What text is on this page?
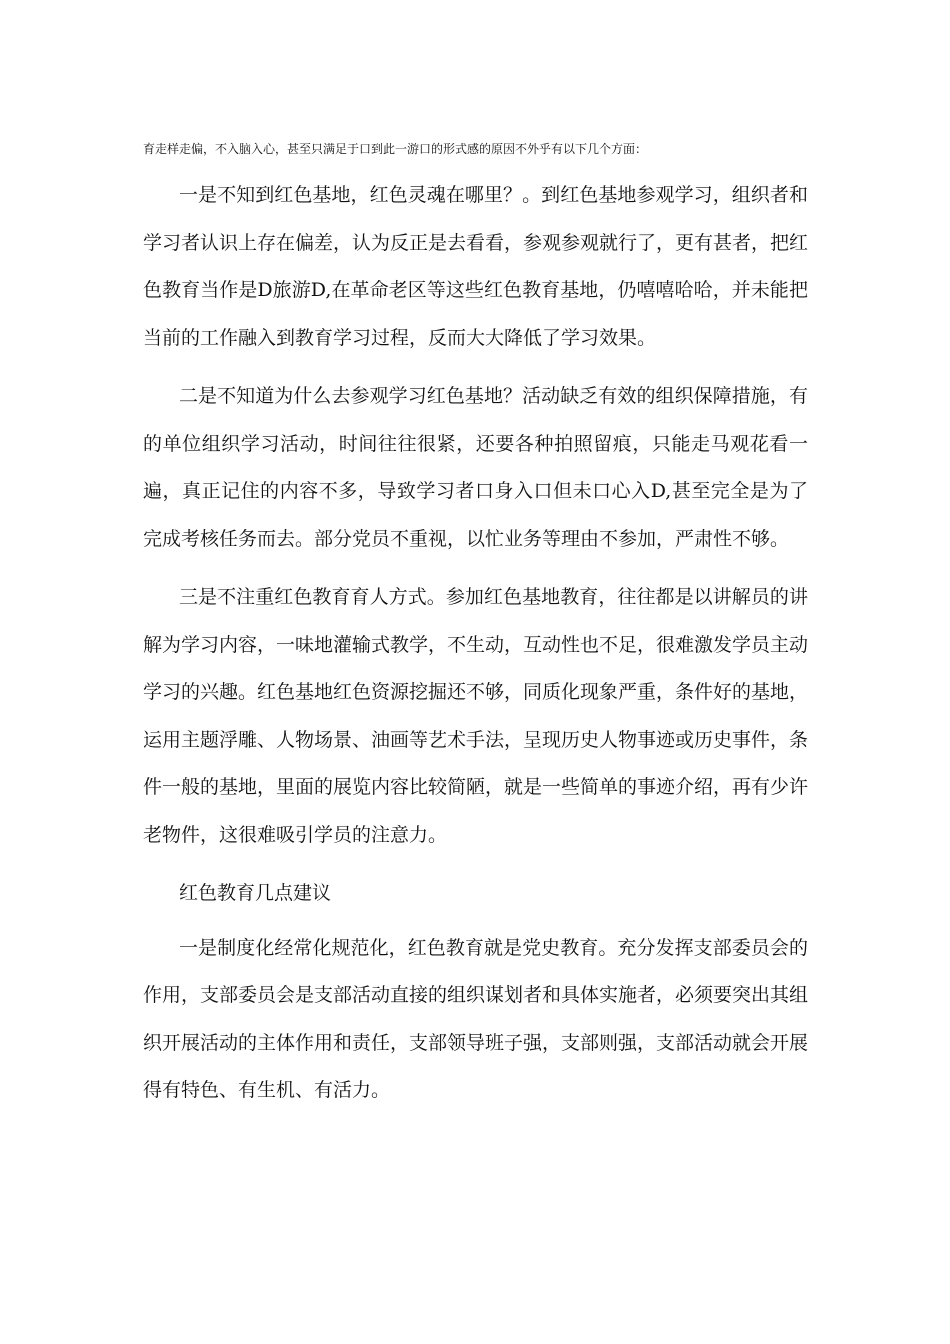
育走样走偏，不入脑入心，甚至只满足于口到此一游口的形式感的原因不外乎有以下几个方面：

一是不知到红色基地，红色灵魂在哪里？。到红色基地参观学习，组织者和学习者认识上存在偏差，认为反正是去看看，参观参观就行了，更有甚者，把红色教育当作是D旅游D,在革命老区等这些红色教育基地，仍嘻嘻哈哈，并未能把当前的工作融入到教育学习过程，反而大大降低了学习效果。

二是不知道为什么去参观学习红色基地？活动缺乏有效的组织保障措施，有的单位组织学习活动，时间往往很紧，还要各种拍照留痕，只能走马观花看一遍，真正记住的内容不多，导致学习者口身入口但未口心入D,甚至完全是为了完成考核任务而去。部分党员不重视，以忙业务等理由不参加，严肃性不够。

三是不注重红色教育育人方式。参加红色基地教育，往往都是以讲解员的讲解为学习内容，一味地灌输式教学，不生动，互动性也不足，很难激发学员主动学习的兴趣。红色基地红色资源挖掘还不够，同质化现象严重，条件好的基地，运用主题浮雕、人物场景、油画等艺术手法，呈现历史人物事迹或历史事件，条件一般的基地，里面的展览内容比较简陋，就是一些简单的事迹介绍，再有少许老物件，这很难吸引学员的注意力。

红色教育几点建议

一是制度化经常化规范化，红色教育就是党史教育。充分发挥支部委员会的作用，支部委员会是支部活动直接的组织谋划者和具体实施者，必须要突出其组织开展活动的主体作用和责任，支部领导班子强，支部则强，支部活动就会开展得有特色、有生机、有活力。
